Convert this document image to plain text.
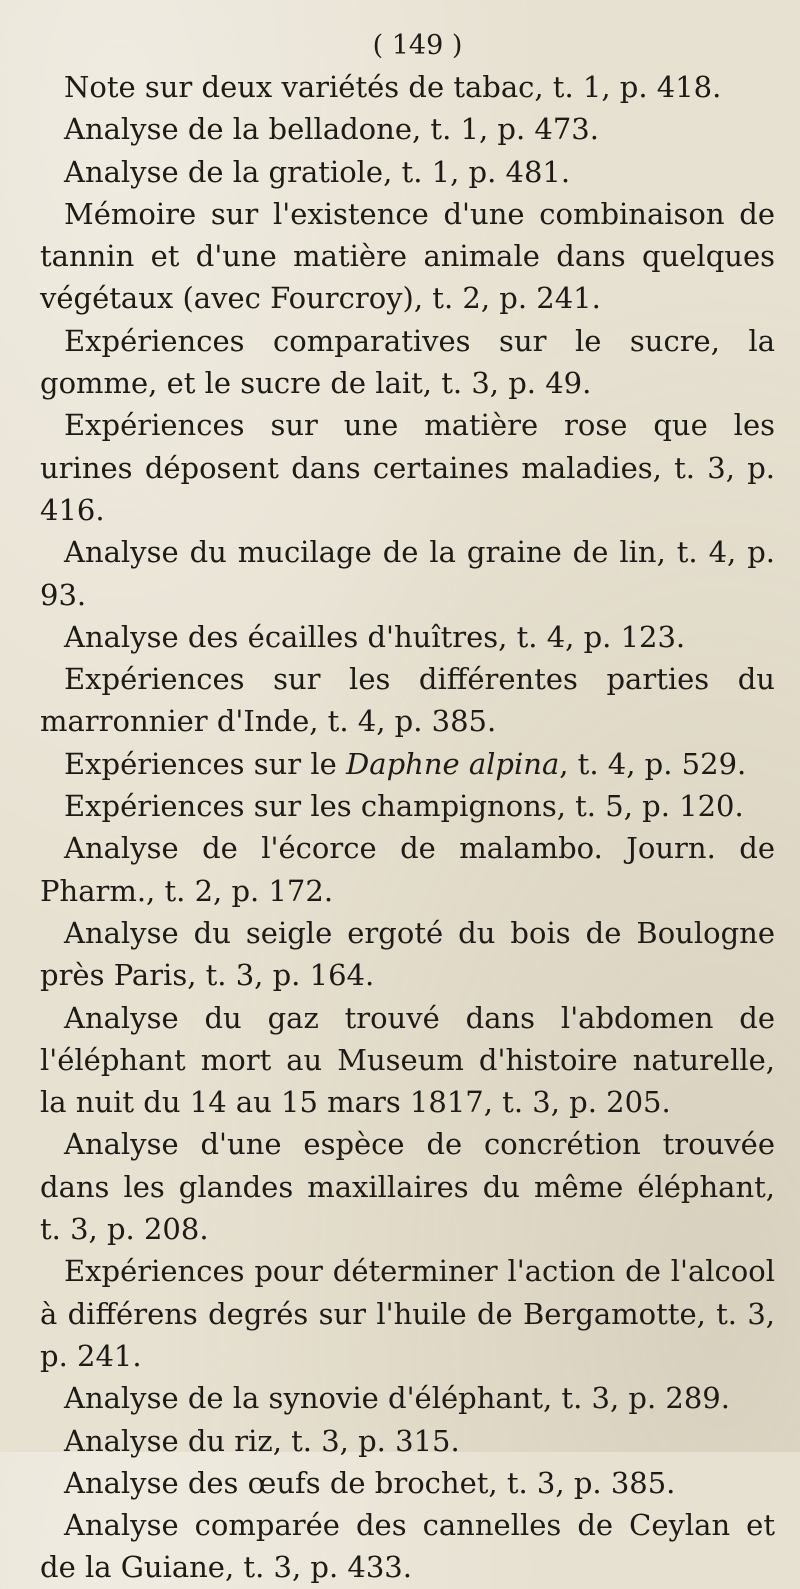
( 149 )
Note sur deux variétés de tabac, t. 1, p. 418.
Analyse de la belladone, t. 1, p. 473.
Analyse de la gratiole, t. 1, p. 481.
Mémoire sur l'existence d'une combinaison de tannin et d'une matière animale dans quelques végétaux (avec Fourcroy), t. 2, p. 241.
Expériences comparatives sur le sucre, la gomme, et le sucre de lait, t. 3, p. 49.
Expériences sur une matière rose que les urines déposent dans certaines maladies, t. 3, p. 416.
Analyse du mucilage de la graine de lin, t. 4, p. 93.
Analyse des écailles d'huîtres, t. 4, p. 123.
Expériences sur les différentes parties du marronnier d'Inde, t. 4, p. 385.
Expériences sur le Daphne alpina, t. 4, p. 529.
Expériences sur les champignons, t. 5, p. 120.
Analyse de l'écorce de malambo. Journ. de Pharm., t. 2, p. 172.
Analyse du seigle ergoté du bois de Boulogne près Paris, t. 3, p. 164.
Analyse du gaz trouvé dans l'abdomen de l'éléphant mort au Museum d'histoire naturelle, la nuit du 14 au 15 mars 1817, t. 3, p. 205.
Analyse d'une espèce de concrétion trouvée dans les glandes maxillaires du même éléphant, t. 3, p. 208.
Expériences pour déterminer l'action de l'alcool à différens degrés sur l'huile de Bergamotte, t. 3, p. 241.
Analyse de la synovie d'éléphant, t. 3, p. 289.
Analyse du riz, t. 3, p. 315.
Analyse des œufs de brochet, t. 3, p. 385.
Analyse comparée des cannelles de Ceylan et de la Guiane, t. 3, p. 433.
